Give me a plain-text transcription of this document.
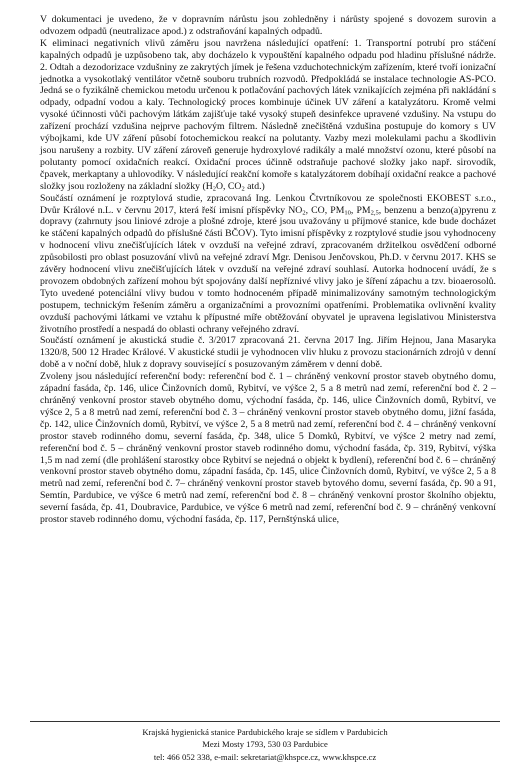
V dokumentaci je uvedeno, že v dopravním nárůstu jsou zohledněny i nárůsty spojené s dovozem surovin a odvozem odpadů (neutralizace apod.) z odstraňování kapalných odpadů.

K eliminaci negativních vlivů záměru jsou navržena následující opatření: 1. Transportní potrubí pro stáčení kapalných odpadů je uzpůsobeno tak, aby docházelo k vypouštění kapalného odpadu pod hladinu příslušné nádrže. 2. Odtah a dezodorizace vzdušniny ze zakrytých jímek je řešena vzduchotechnickým zařízením, které tvoří ionizační jednotka a vysokotlaký ventilátor včetně souboru trubních rozvodů. Předpokládá se instalace technologie AS-PCO. Jedná se o fyzikálně chemickou metodu určenou k potlačování pachových látek vznikajících zejména při nakládání s odpady, odpadní vodou a kaly. Technologický proces kombinuje účinek UV záření a katalyzátoru. Kromě velmi vysoké účinnosti vůči pachovým látkám zajišťuje také vysoký stupeň desinfekce upravené vzdušiny. Na vstupu do zařízení prochází vzdušina nejprve pachovým filtrem. Následně znečištěná vzdušina postupuje do komory s UV výbojkami, kde UV záření působí fotochemickou reakcí na polutanty. Vazby mezi molekulami pachu a škodlivin jsou narušeny a rozbity. UV záření zároveň generuje hydroxylové radikály a malé množství ozonu, které působí na polutanty pomocí oxidačních reakcí. Oxidační proces účinně odstraňuje pachové složky jako např. sirovodík, čpavek, merkaptany a uhlovodíky. V následující reakční komoře s katalyzátorem dobíhají oxidační reakce a pachové složky jsou rozloženy na základní složky ($H_2O$, $CO_2$ atd.)

Součástí oznámení je rozptylová studie, zpracovaná Ing. Lenkou Čtvrtníkovou ze společnosti EKOBEST s.r.o., Dvůr Králové n.L. v červnu 2017, která řeší imisní příspěvky $NO_2$, CO, $PM_{10}$, $PM_{2,5}$, benzenu a benzo(a)pyrenu z dopravy (zahrnuty jsou liniové zdroje a plošné zdroje, které jsou uvažovány u příjmové stanice, kde bude docházet ke stáčení kapalných odpadů do příslušné části BČOV). Tyto imisní příspěvky z rozptylové studie jsou vyhodnoceny v hodnocení vlivu znečišťujících látek v ovzduší na veřejné zdraví, zpracovaném držitelkou osvědčení odborné způsobilosti pro oblast posuzování vlivů na veřejné zdraví Mgr. Denisou Jenčovskou, Ph.D. v červnu 2017. KHS se závěry hodnocení vlivu znečišťujících látek v ovzduší na veřejné zdraví souhlasí. Autorka hodnocení uvádí, že s provozem obdobných zařízení mohou být spojovány další nepříznivé vlivy jako je šíření zápachu a tzv. bioaerosolů. Tyto uvedené potenciální vlivy budou v tomto hodnoceném případě minimalizovány samotným technologickým postupem, technickým řešením záměru a organizačními a provozními opatřeními. Problematika ovlivnění kvality ovzduší pachovými látkami ve vztahu k přípustné míře obtěžování obyvatel je upravena legislativou Ministerstva životního prostředí a nespadá do oblasti ochrany veřejného zdraví.

Součástí oznámení je akustická studie č. 3/2017 zpracovaná 21. června 2017 Ing. Jiřím Hejnou, Jana Masaryka 1320/8, 500 12 Hradec Králové. V akustické studii je vyhodnocen vliv hluku z provozu stacionárních zdrojů v denní době a v noční době, hluk z dopravy související s posuzovaným záměrem v denní době.

Zvoleny jsou následující referenční body: referenční bod č. 1 – chráněný venkovní prostor staveb obytného domu, západní fasáda, čp. 146, ulice Činžovních domů, Rybitví, ve výšce 2, 5 a 8 metrů nad zemí, referenční bod č. 2 – chráněný venkovní prostor staveb obytného domu, východní fasáda, čp. 146, ulice Činžovních domů, Rybitví, ve výšce 2, 5 a 8 metrů nad zemí, referenční bod č. 3 – chráněný venkovní prostor staveb obytného domu, jižní fasáda, čp. 142, ulice Činžovních domů, Rybitví, ve výšce 2, 5 a 8 metrů nad zemí, referenční bod č. 4 – chráněný venkovní prostor staveb rodinného domu, severní fasáda, čp. 348, ulice 5 Domků, Rybitví, ve výšce 2 metry nad zemí, referenční bod č. 5 – chráněný venkovní prostor staveb rodinného domu, východní fasáda, čp. 319, Rybitví, výška 1,5 m nad zemí (dle prohlášení starostky obce Rybitví se nejedná o objekt k bydlení), referenční bod č. 6 – chráněný venkovní prostor staveb obytného domu, západní fasáda, čp. 145, ulice Činžovních domů, Rybitví, ve výšce 2, 5 a 8 metrů nad zemí, referenční bod č. 7– chráněný venkovní prostor staveb bytového domu, severní fasáda, čp. 90 a 91, Semtín, Pardubice, ve výšce 6 metrů nad zemí, referenční bod č. 8 – chráněný venkovní prostor školního objektu, severní fasáda, čp. 41, Doubravice, Pardubice, ve výšce 6 metrů nad zemí, referenční bod č. 9 – chráněný venkovní prostor staveb rodinného domu, východní fasáda, čp. 117, Pernštýnská ulice,

Krajská hygienická stanice Pardubického kraje se sídlem v Pardubicích
Mezi Mosty 1793, 530 03 Pardubice
tel: 466 052 338, e-mail: sekretariat@khspce.cz, www.khspce.cz
